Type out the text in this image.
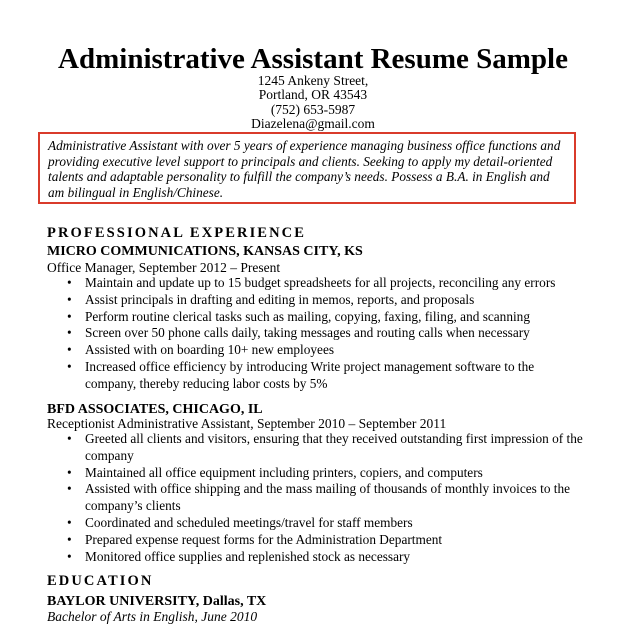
Administrative Assistant Resume Sample
1245 Ankeny Street,
Portland, OR 43543
(752) 653-5987
Diazelena@gmail.com
Administrative Assistant with over 5 years of experience managing business office functions and providing executive level support to principals and clients. Seeking to apply my detail-oriented talents and adaptable personality to fulfill the company’s needs. Possess a B.A. in English and am bilingual in English/Chinese.
PROFESSIONAL EXPERIENCE
MICRO COMMUNICATIONS, KANSAS CITY, KS
Office Manager, September 2012 – Present
• Maintain and update up to 15 budget spreadsheets for all projects, reconciling any errors
• Assist principals in drafting and editing in memos, reports, and proposals
• Perform routine clerical tasks such as mailing, copying, faxing, filing, and scanning
• Screen over 50 phone calls daily, taking messages and routing calls when necessary
• Assisted with on boarding 10+ new employees
• Increased office efficiency by introducing Write project management software to the company, thereby reducing labor costs by 5%
BFD ASSOCIATES, CHICAGO, IL
Receptionist Administrative Assistant, September 2010 – September 2011
• Greeted all clients and visitors, ensuring that they received outstanding first impression of the company
• Maintained all office equipment including printers, copiers, and computers
• Assisted with office shipping and the mass mailing of thousands of monthly invoices to the company’s clients
• Coordinated and scheduled meetings/travel for staff members
• Prepared expense request forms for the Administration Department
• Monitored office supplies and replenished stock as necessary
EDUCATION
BAYLOR UNIVERSITY, Dallas, TX
Bachelor of Arts in English, June 2010
